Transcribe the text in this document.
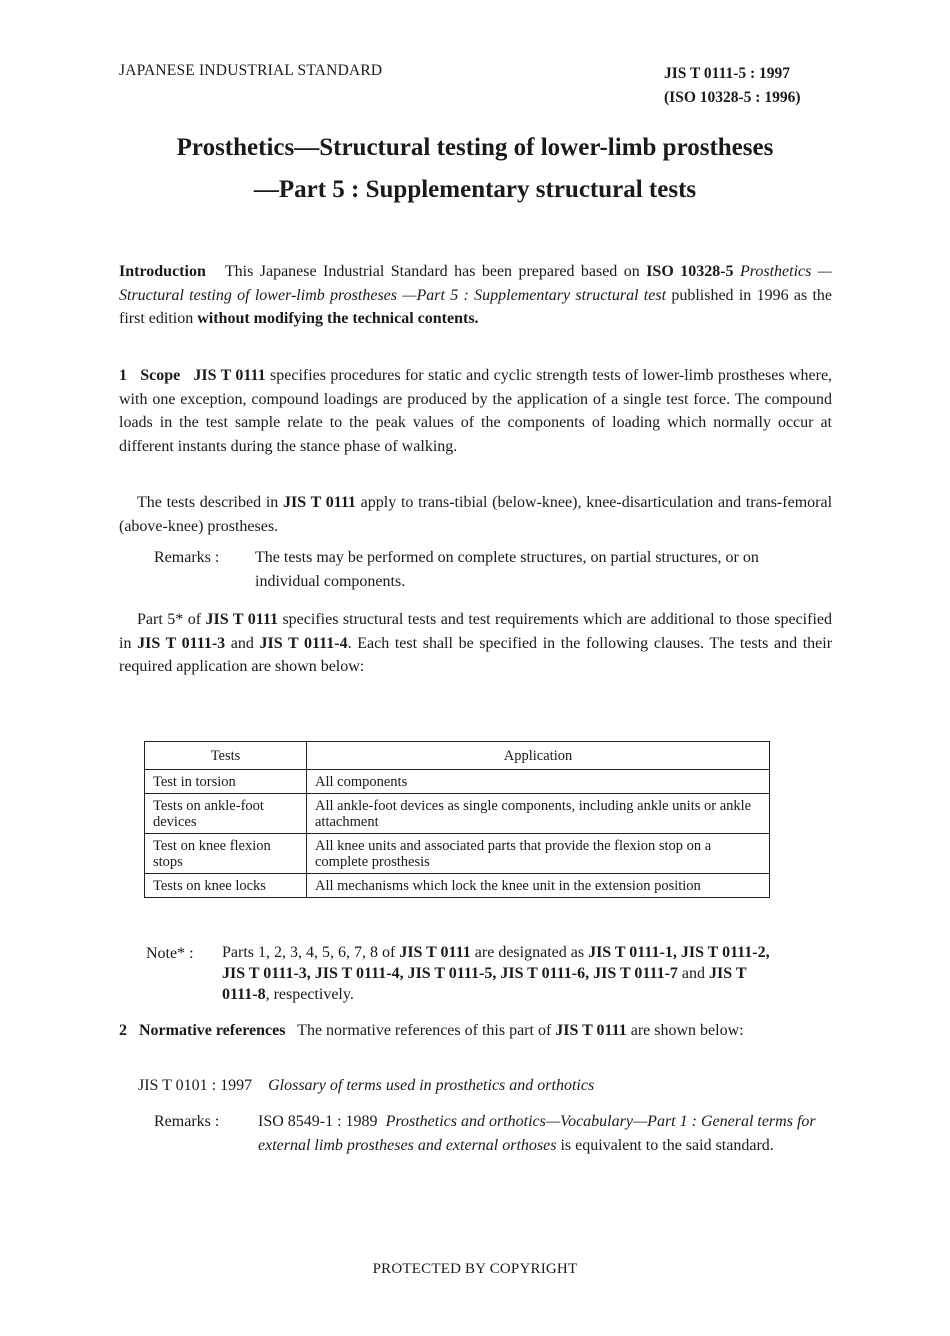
JAPANESE INDUSTRIAL STANDARD	JIS T 0111-5 : 1997
(ISO 10328-5 : 1996)
Prosthetics—Structural testing of lower-limb prostheses
—Part 5 : Supplementary structural tests
Introduction This Japanese Industrial Standard has been prepared based on ISO 10328-5 Prosthetics —Structural testing of lower-limb prostheses —Part 5 : Supplementary structural test published in 1996 as the first edition without modifying the technical contents.
1 Scope JIS T 0111 specifies procedures for static and cyclic strength tests of lower-limb prostheses where, with one exception, compound loadings are produced by the application of a single test force. The compound loads in the test sample relate to the peak values of the components of loading which normally occur at different instants during the stance phase of walking.
The tests described in JIS T 0111 apply to trans-tibial (below-knee), knee-disarticulation and trans-femoral (above-knee) prostheses.
Remarks : The tests may be performed on complete structures, on partial structures, or on individual components.
Part 5* of JIS T 0111 specifies structural tests and test requirements which are additional to those specified in JIS T 0111-3 and JIS T 0111-4. Each test shall be specified in the following clauses. The tests and their required application are shown below:
Tests	Application
Test in torsion	All components
Tests on ankle-foot devices	All ankle-foot devices as single components, including ankle units or ankle attachment
Test on knee flexion stops	All knee units and associated parts that provide the flexion stop on a complete prosthesis
Tests on knee locks	All mechanisms which lock the knee unit in the extension position
Note* : Parts 1, 2, 3, 4, 5, 6, 7, 8 of JIS T 0111 are designated as JIS T 0111-1, JIS T 0111-2, JIS T 0111-3, JIS T 0111-4, JIS T 0111-5, JIS T 0111-6, JIS T 0111-7 and JIS T 0111-8, respectively.
2 Normative references The normative references of this part of JIS T 0111 are shown below:
JIS T 0101 : 1997 Glossary of terms used in prosthetics and orthotics
Remarks : ISO 8549-1 : 1989 Prosthetics and orthotics—Vocabulary—Part 1 : General terms for external limb prostheses and external orthoses is equivalent to the said standard.
PROTECTED BY COPYRIGHT
